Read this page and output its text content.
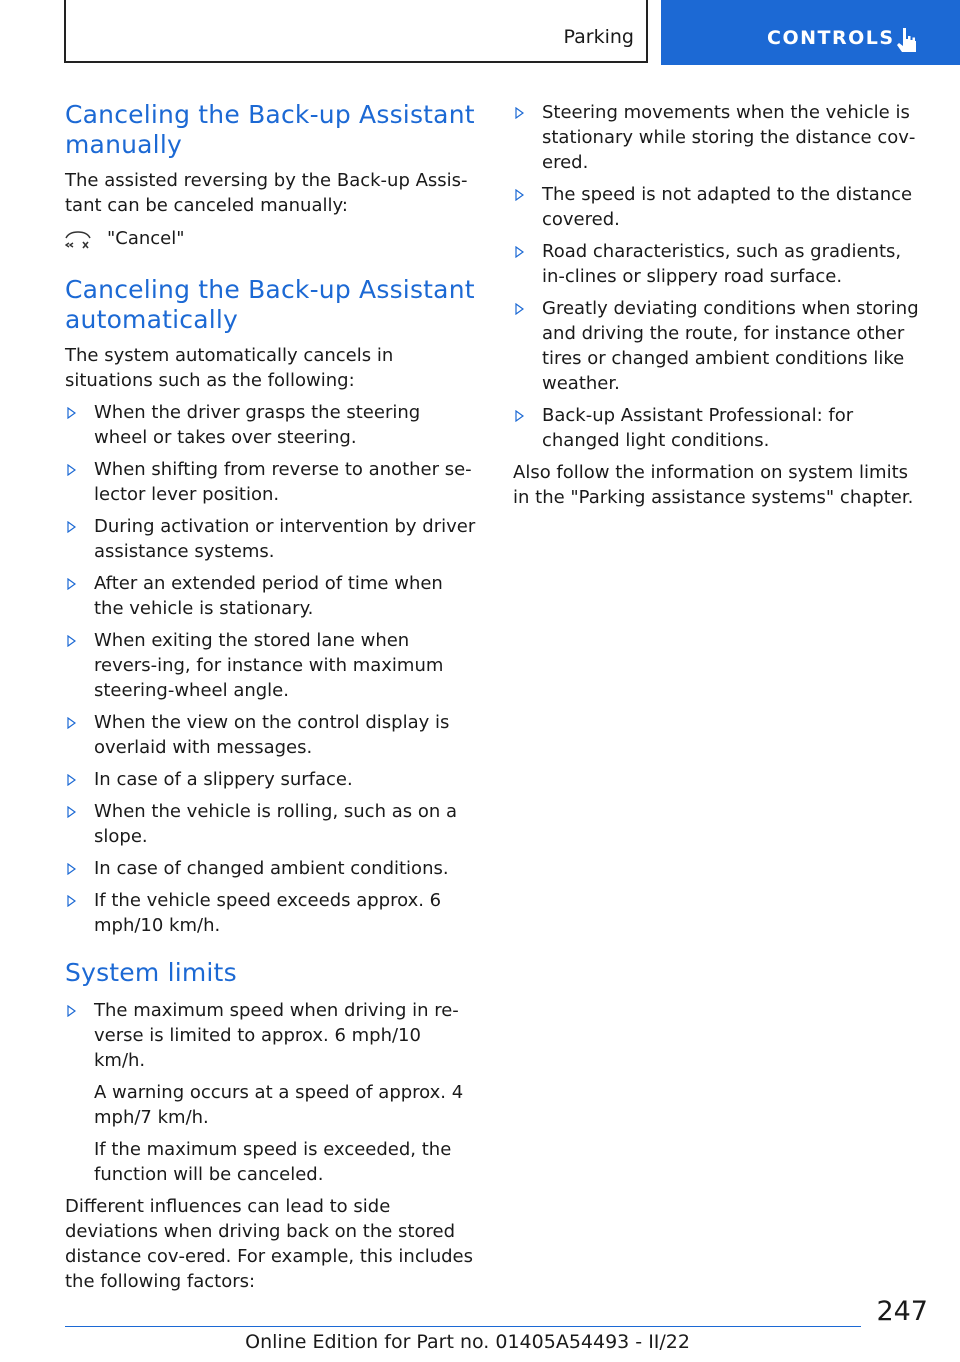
Parking	CONTROLS
Canceling the Back-up Assistant manually

The assisted reversing by the Back-up Assis‐tant can be canceled manually:

"Cancel"
Canceling the Back-up Assistant automatically

The system automatically cancels in situations such as the following:

When the driver grasps the steering wheel or takes over steering.
When shifting from reverse to another se‐lector lever position.
During activation or intervention by driver assistance systems.
After an extended period of time when the vehicle is stationary.
When exiting the stored lane when revers‐ing, for instance with maximum steering-wheel angle.
When the view on the control display is overlaid with messages.
In case of a slippery surface.
When the vehicle is rolling, such as on a slope.
In case of changed ambient conditions.
If the vehicle speed exceeds approx. 6 mph/10 km/h.
System limits
The maximum speed when driving in re‐verse is limited to approx. 6 mph/10 km/h.

A warning occurs at a speed of approx. 4 mph/7 km/h.

If the maximum speed is exceeded, the function will be canceled.

Different influences can lead to side deviations when driving back on the stored distance cov‐ered. For example, this includes the following factors:

Steering movements when the vehicle is stationary while storing the distance cov‐ered.
The speed is not adapted to the distance covered.
Road characteristics, such as gradients, in‐clines or slippery road surface.
Greatly deviating conditions when storing and driving the route, for instance other tires or changed ambient conditions like weather.
Back-up Assistant Professional: for changed light conditions.

Also follow the information on system limits in the "Parking assistance systems" chapter.

247
Online Edition for Part no. 01405A54493 - II/22
